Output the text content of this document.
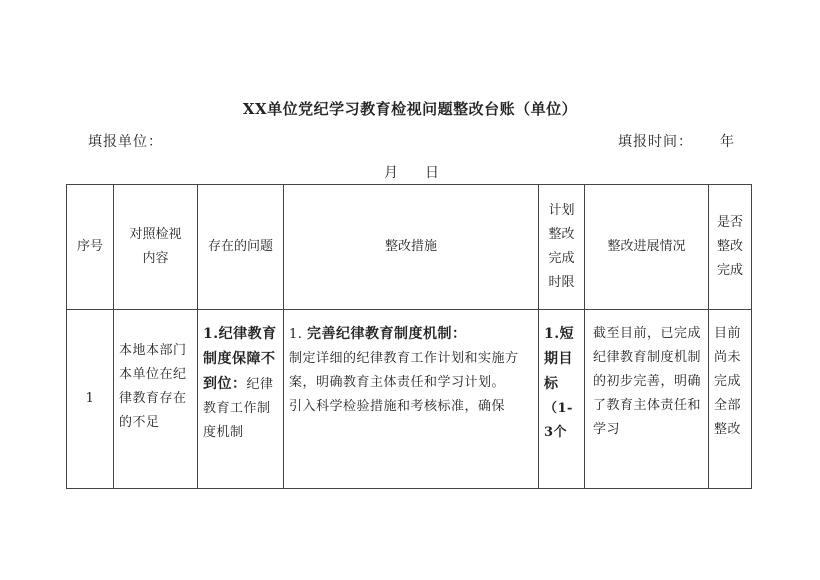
XX单位党纪学习教育检视问题整改台账（单位）
填报单位：	填报时间： 年
月 日
序号	对照检视内容	存在的问题	整改措施	计划整改完成时限	整改进展情况	是否整改完成

1	本地本部门本单位在纪律教育存在的不足	1.纪律教育制度保障不到位：纪律教育工作制度机制	1. 完善纪律教育制度机制：
制定详细的纪律教育工作计划和实施方案，明确教育主体责任和学习计划。
引入科学检验措施和考核标准，确保	1.短期目标（1-3个	截至目前，已完成纪律教育制度机制的初步完善，明确了教育主体责任和学习	目前尚未完成全部整改
